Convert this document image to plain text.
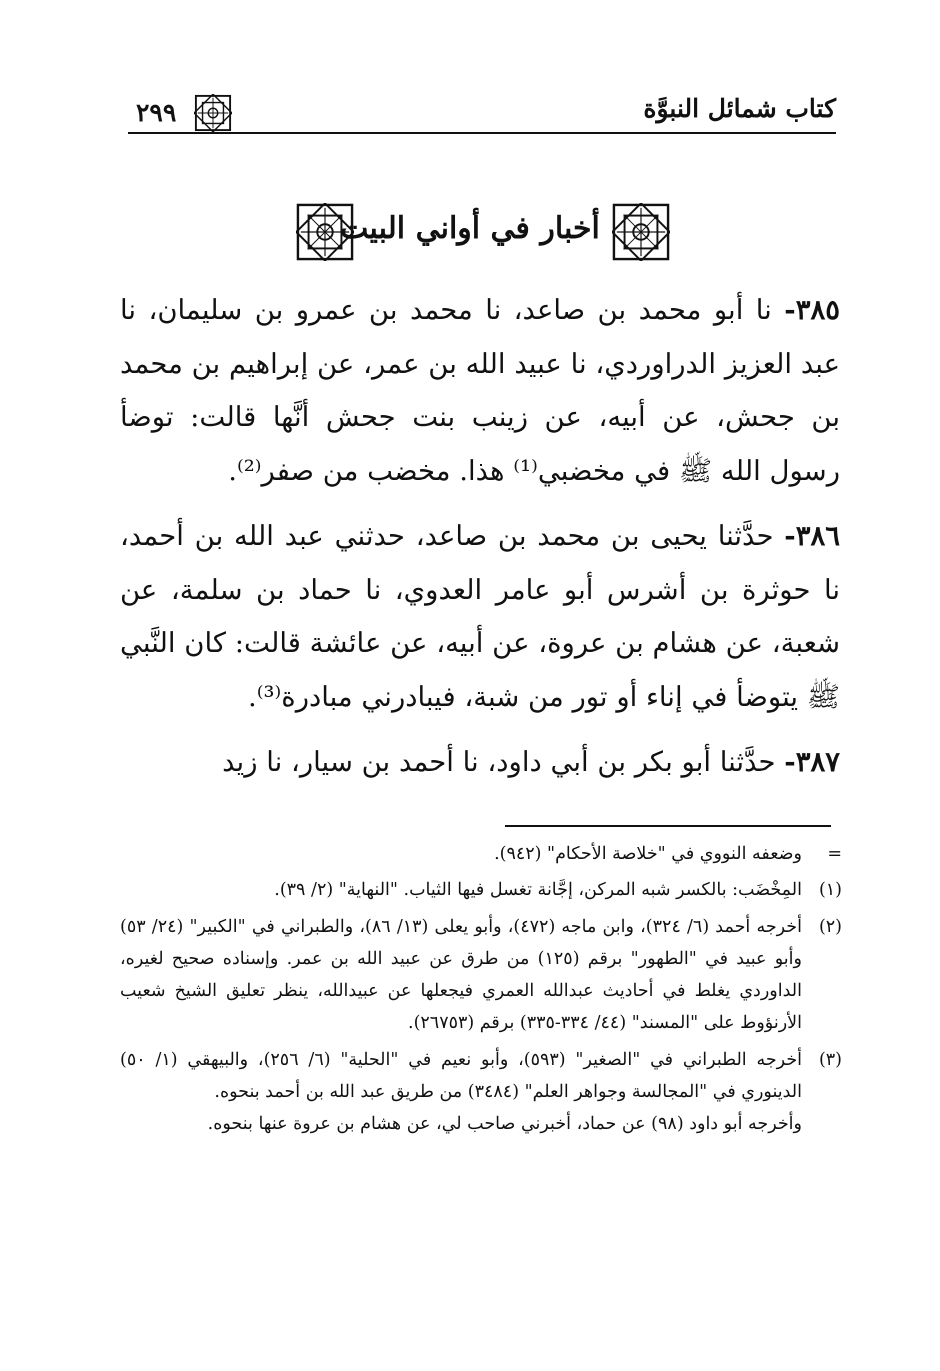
كتاب شمائل النبوَّة
٢٩٩
أخبار في أواني البيت

٣٨٥- نا أبو محمد بن صاعد، نا محمد بن عمرو بن سليمان، نا عبد العزيز الدراوردي، نا عبيد الله بن عمر، عن إبراهيم بن محمد بن جحش، عن أبيه، عن زينب بنت جحش أنَّها قالت: توضأ رسول الله ﷺ في مخضبي⁽¹⁾ هذا. مخضب من صفر⁽²⁾.

٣٨٦- حدَّثنا يحيى بن محمد بن صاعد، حدثني عبد الله بن أحمد، نا حوثرة بن أشرس أبو عامر العدوي، نا حماد بن سلمة، عن شعبة، عن هشام بن عروة، عن أبيه، عن عائشة قالت: كان النَّبي ﷺ يتوضأ في إناء أو تور من شبة، فيبادرني مبادرة⁽³⁾.

٣٨٧- حدَّثنا أبو بكر بن أبي داود، نا أحمد بن سيار، نا زيد

=
وضعفه النووي في "خلاصة الأحكام" (٩٤٢).
(١)
المِخْضَب: بالكسر شبه المركن، إجَّانة تغسل فيها الثياب. "النهاية" (٢/ ٣٩).
(٢)
أخرجه أحمد (٦/ ٣٢٤)، وابن ماجه (٤٧٢)، وأبو يعلى (١٣/ ٨٦)، والطبراني في "الكبير" (٢٤/ ٥٣) وأبو عبيد في "الطهور" برقم (١٢٥) من طرق عن عبيد الله بن عمر. وإسناده صحيح لغيره، الداوردي يغلط في أحاديث عبدالله العمري فيجعلها عن عبيدالله، ينظر تعليق الشيخ شعيب الأرنؤوط على "المسند" (٤٤/ ٣٣٤-٣٣٥) برقم (٢٦٧٥٣).
(٣)
أخرجه الطبراني في "الصغير" (٥٩٣)، وأبو نعيم في "الحلية" (٦/ ٢٥٦)، والبيهقي (١/ ٥٠) الدينوري في "المجالسة وجواهر العلم" (٣٤٨٤) من طريق عبد الله بن أحمد بنحوه.

وأخرجه أبو داود (٩٨) عن حماد، أخبرني صاحب لي، عن هشام بن عروة عنها بنحوه.
